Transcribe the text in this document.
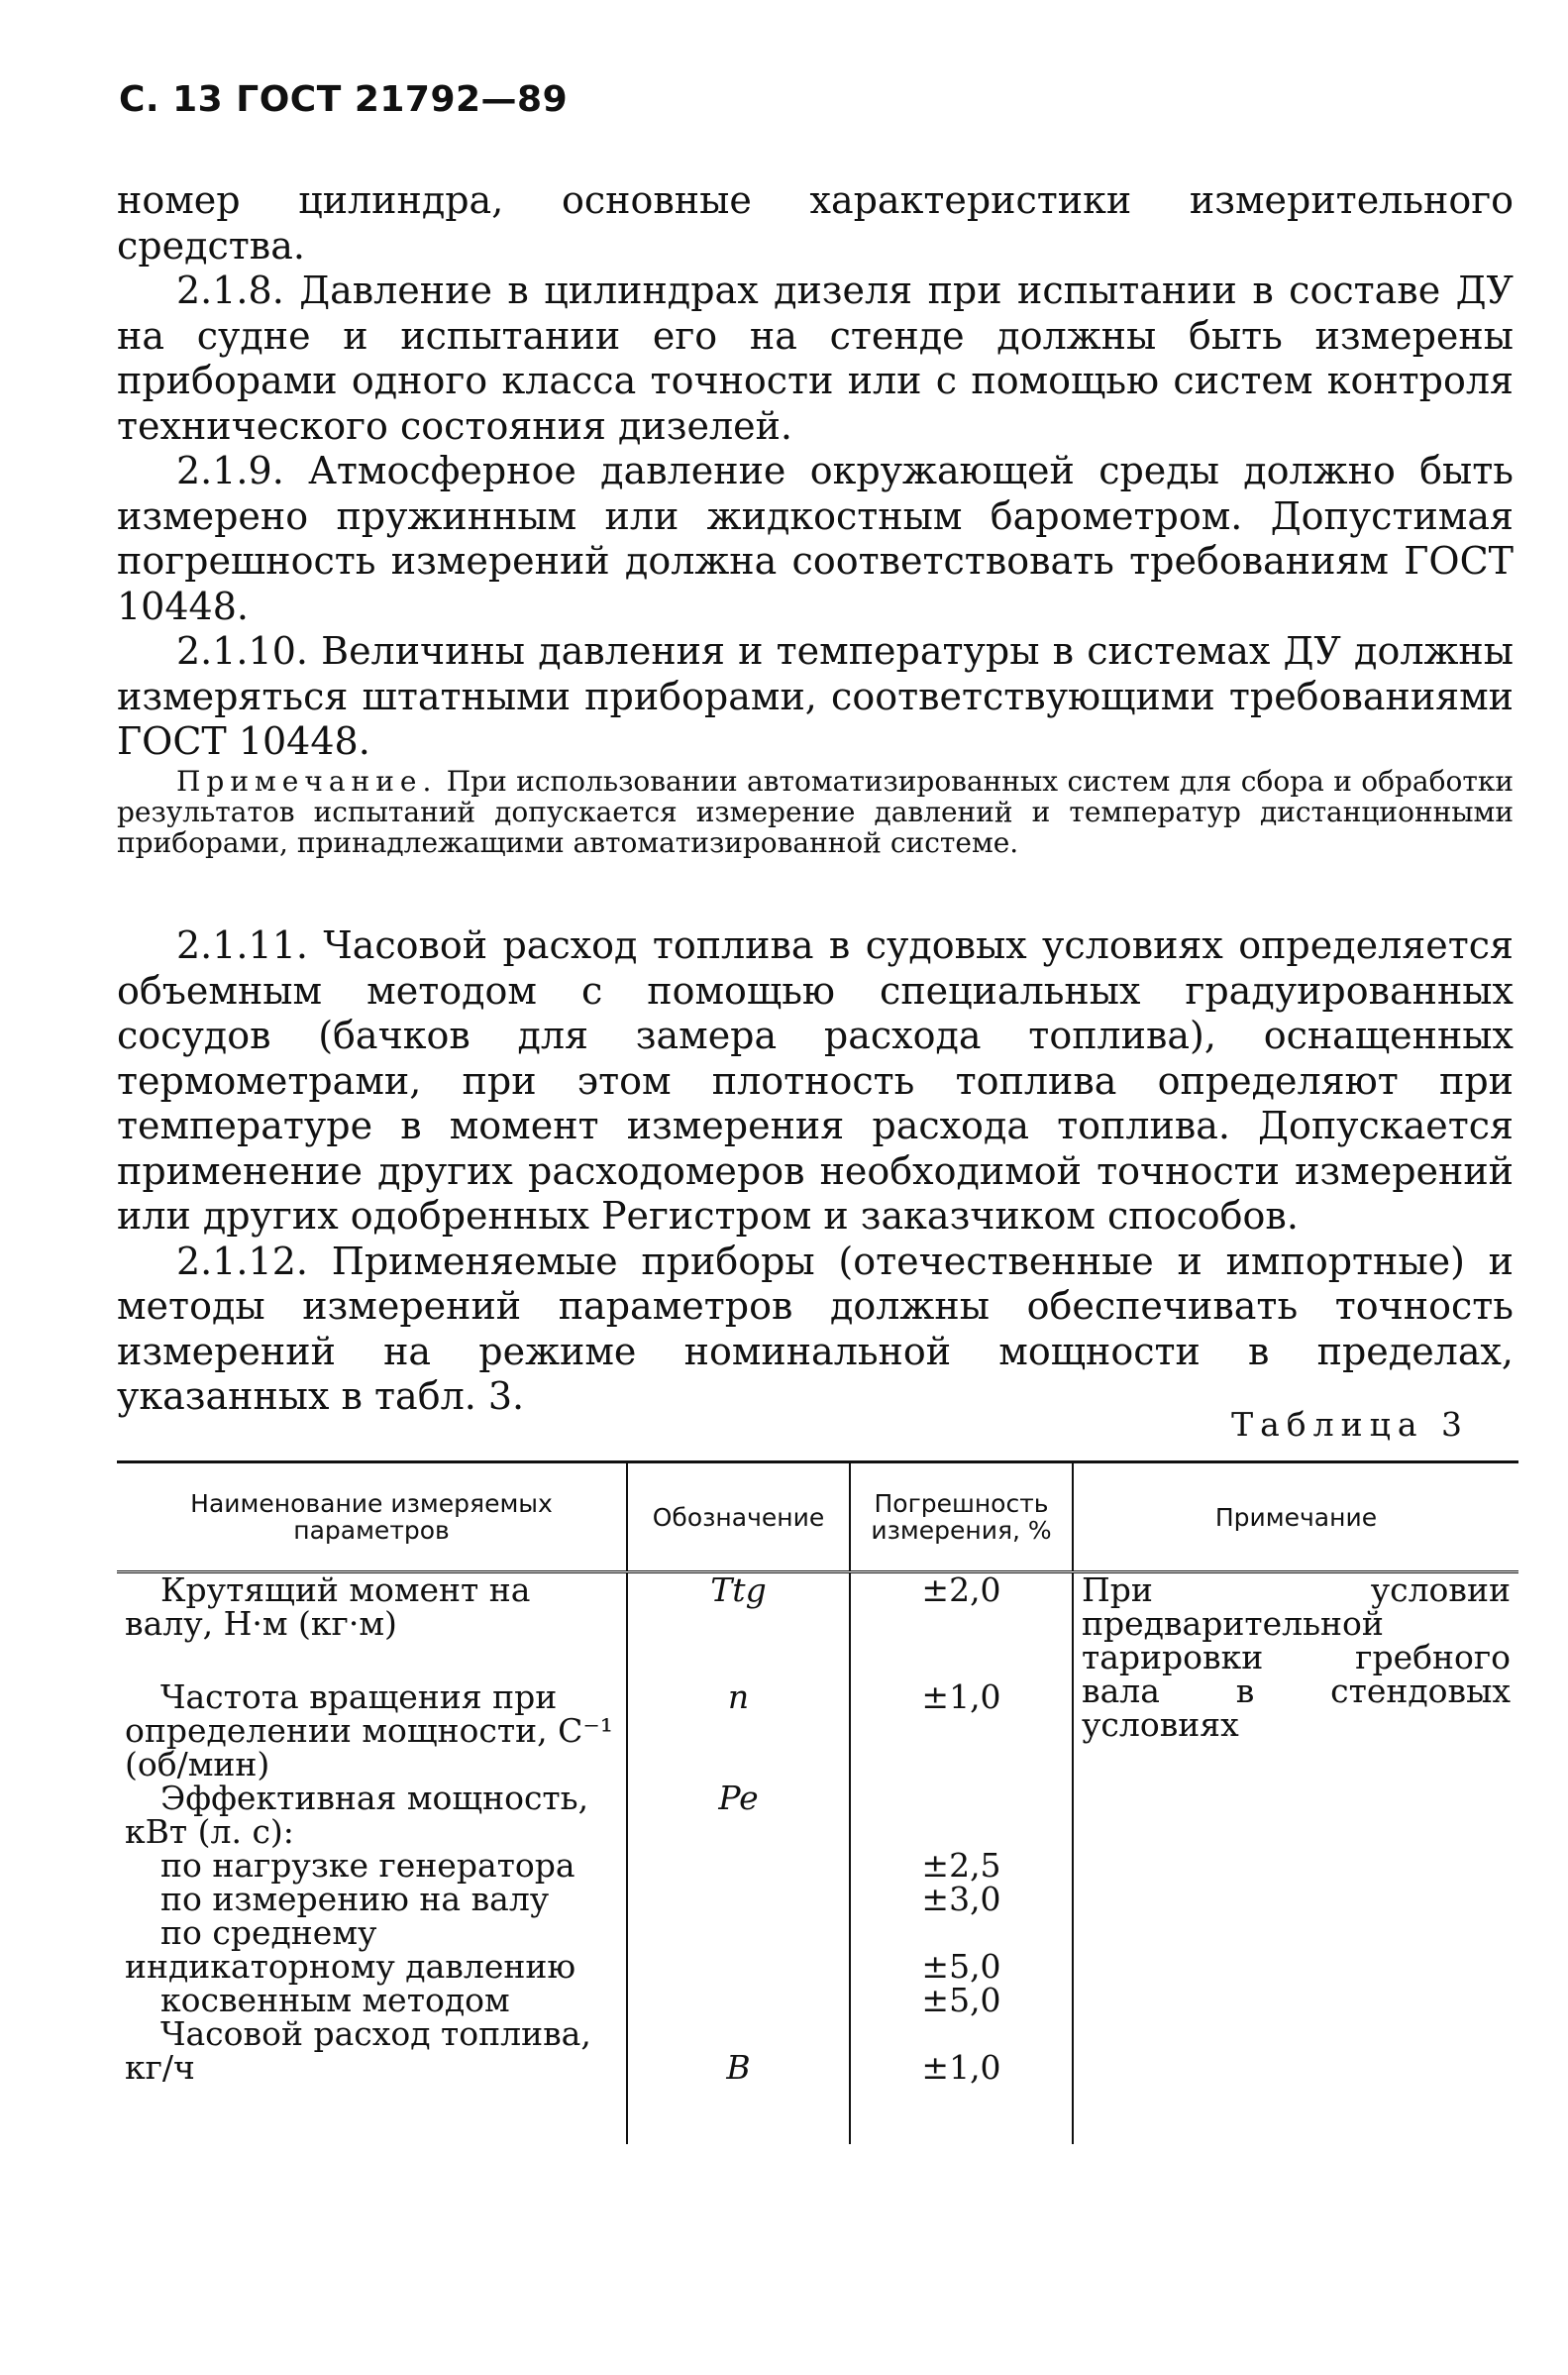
С. 13 ГОСТ 21792—89

номер цилиндра, основные характеристики измерительного средства.

2.1.8. Давление в цилиндрах дизеля при испытании в составе ДУ на судне и испытании его на стенде должны быть измерены приборами одного класса точности или с помощью систем контроля технического состояния дизелей.

2.1.9. Атмосферное давление окружающей среды должно быть измерено пружинным или жидкостным барометром. Допустимая погрешность измерений должна соответствовать требованиям ГОСТ 10448.

2.1.10. Величины давления и температуры в системах ДУ должны измеряться штатными приборами, соответствующими требованиями ГОСТ 10448.

Примечание. При использовании автоматизированных систем для сбора и обработки результатов испытаний допускается измерение давлений и температур дистанционными приборами, принадлежащими автоматизированной системе.

2.1.11. Часовой расход топлива в судовых условиях определяется объемным методом с помощью специальных градуированных сосудов (бачков для замера расхода топлива), оснащенных термометрами, при этом плотность топлива определяют при температуре в момент измерения расхода топлива. Допускается применение других расходомеров необходимой точности измерений или других одобренных Регистром и заказчиком способов.

2.1.12. Применяемые приборы (отечественные и импортные) и методы измерений параметров должны обеспечивать точность измерений на режиме номинальной мощности в пределах, указанных в табл. 3.

Таблица 3
Наименование измеряемых параметров	Обозначение	Погрешность измерения, %	Примечание
Крутящий момент на валу, Н·м (кг·м)	Ttg	±2,0	При условии предварительной тарировки гребного вала в стендовых условиях
Частота вращения при определении мощности, С⁻¹ (об/мин)	n	±1,0	
Эффективная мощность, кВт (л. с):	Pe		
по нагрузке генератора		±2,5	
по измерению на валу		±3,0	
по среднему индикаторному давлению		±5,0	
косвенным методом		±5,0	
Часовой расход топлива, кг/ч	B	±1,0	
